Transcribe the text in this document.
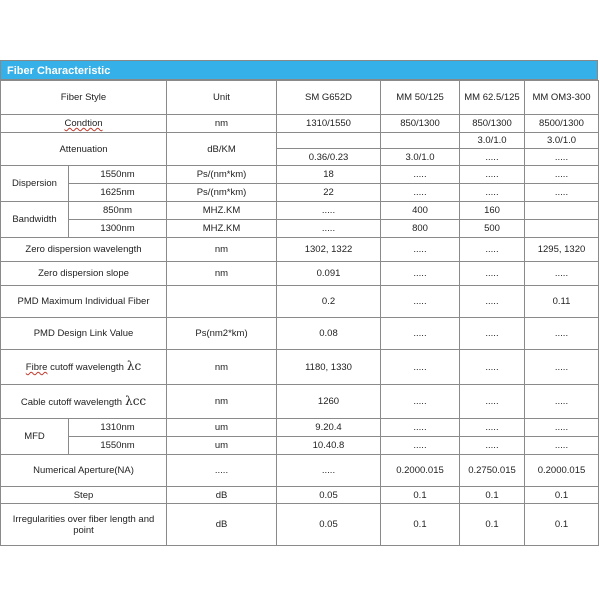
Fiber Characteristic
Fiber Style		Unit	SM G652D	MM 50/125	MM 62.5/125	MM OM3-300
Condtion		nm	1310/1550	850/1300	850/1300	8500/1300
Attenuation		dB/KM			3.0/1.0	3.0/1.0
			0.36/0.23	3.0/1.0	.....	.....
Dispersion	1550nm	Ps/(nm*km)	18	.....	.....	.....
	1625nm	Ps/(nm*km)	22	.....	.....	.....
Bandwidth	850nm	MHZ.KM	.....	400	160	
	1300nm	MHZ.KM	.....	800	500	
Zero dispersion wavelength		nm	1302, 1322	.....	.....	1295, 1320
Zero dispersion slope		nm	0.091	.....	.....	.....
PMD Maximum Individual Fiber			0.2	.....	.....	0.11
PMD Design Link Value		Ps(nm2*km)	0.08	.....	.....	.....
Fibre cutoff wavelength λc		nm	1180, 1330	.....	.....	.....
Cable cutoff wavelength λcc		nm	1260	.....	.....	.....
MFD	1310nm	um	9.20.4	.....	.....	.....
	1550nm	um	10.40.8	.....	.....	.....
Numerical Aperture(NA)		.....	.....	0.2000.015	0.2750.015	0.2000.015
Step		dB	0.05	0.1	0.1	0.1
Irregularities over fiber length and point		dB	0.05	0.1	0.1	0.1
